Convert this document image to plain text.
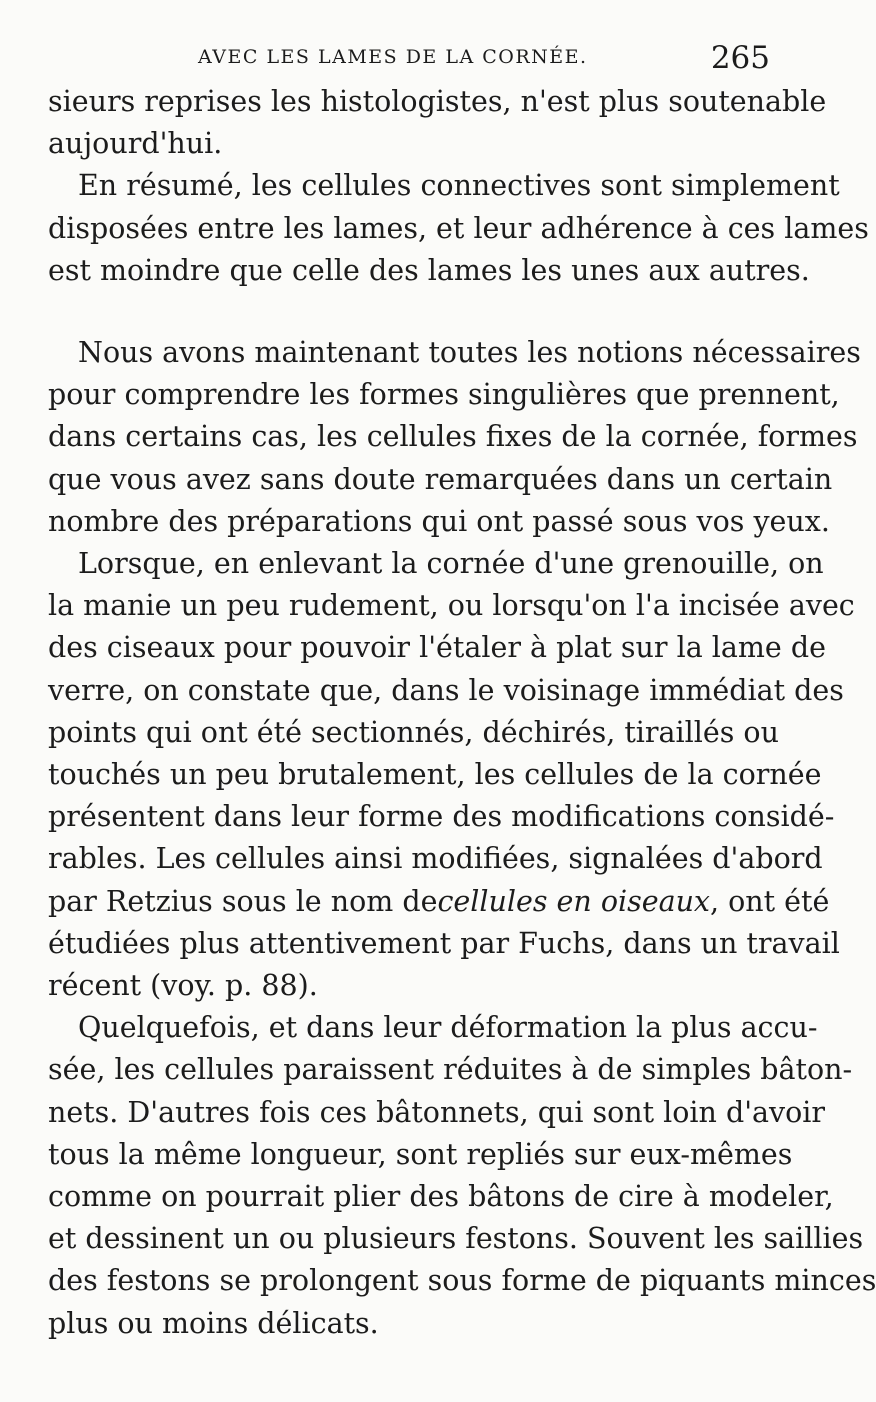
AVEC LES LAMES DE LA CORNÉE.	265

sieurs reprises les histologistes, n'est plus soutenable
aujourd'hui.

En résumé, les cellules connectives sont simplement
disposées entre les lames, et leur adhérence à ces lames
est moindre que celle des lames les unes aux autres.

Nous avons maintenant toutes les notions nécessaires
pour comprendre les formes singulières que prennent,
dans certains cas, les cellules fixes de la cornée, formes
que vous avez sans doute remarquées dans un certain
nombre des préparations qui ont passé sous vos yeux.

Lorsque, en enlevant la cornée d'une grenouille, on
la manie un peu rudement, ou lorsqu'on l'a incisée avec
des ciseaux pour pouvoir l'étaler à plat sur la lame de
verre, on constate que, dans le voisinage immédiat des
points qui ont été sectionnés, déchirés, tiraillés ou
touchés un peu brutalement, les cellules de la cornée
présentent dans leur forme des modifications considé-
rables. Les cellules ainsi modifiées, signalées d'abord
par Retzius sous le nom de cellules en oiseaux, ont été
étudiées plus attentivement par Fuchs, dans un travail
récent (voy. p. 88).

Quelquefois, et dans leur déformation la plus accu-
sée, les cellules paraissent réduites à de simples bâton-
nets. D'autres fois ces bâtonnets, qui sont loin d'avoir
tous la même longueur, sont repliés sur eux-mêmes
comme on pourrait plier des bâtons de cire à modeler,
et dessinent un ou plusieurs festons. Souvent les saillies
des festons se prolongent sous forme de piquants minces
plus ou moins délicats.
